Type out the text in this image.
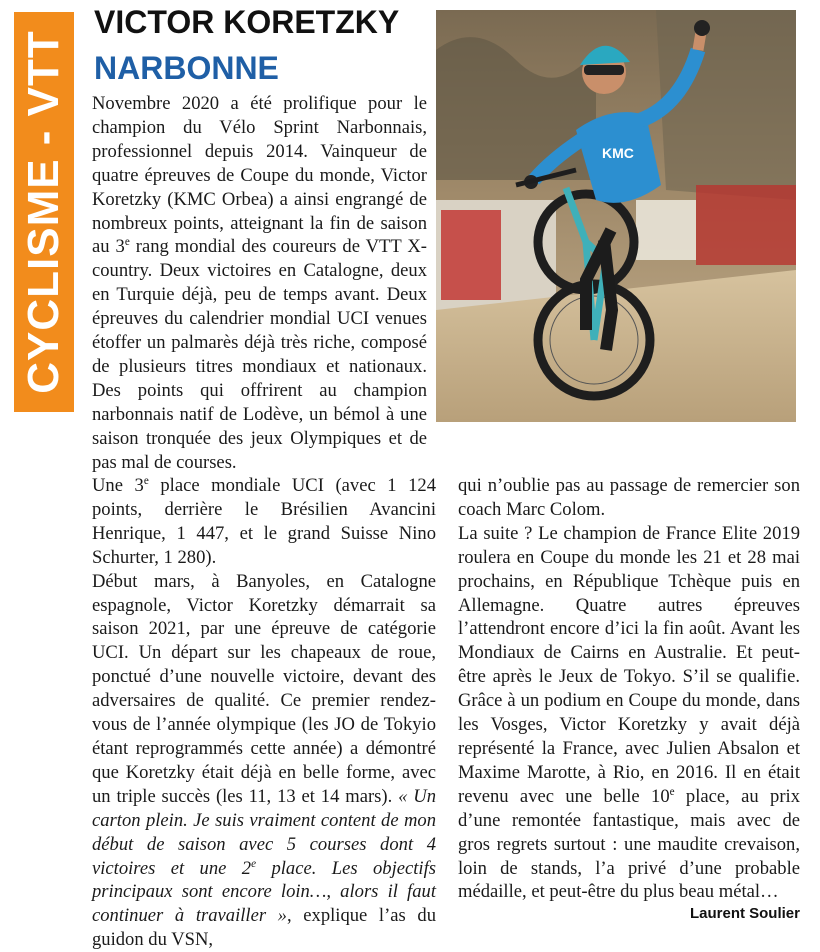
CYCLISME - VTT
VICTOR KORETZKY
NARBONNE
KMC

Novembre 2020 a été prolifique pour le champion du Vélo Sprint Narbonnais, professionnel depuis 2014. Vainqueur de quatre épreuves de Coupe du monde, Victor Koretzky (KMC Orbea) a ainsi engrangé de nombreux points, atteignant la fin de saison au 3e rang mondial des coureurs de VTT X-country. Deux victoires en Catalogne, deux en Turquie déjà, peu de temps avant. Deux épreuves du calendrier mondial UCI venues étoffer un palmarès déjà très riche, composé de plusieurs titres mondiaux et nationaux. Des points qui offrirent au champion narbonnais natif de Lodève, un bémol à une saison tronquée des jeux Olympiques et de pas mal de courses.

Une 3e place mondiale UCI (avec 1 124 points, derrière le Brésilien Avancini Henrique, 1 447, et le grand Suisse Nino Schurter, 1 280).

Début mars, à Banyoles, en Catalogne espagnole, Victor Koretzky démarrait sa saison 2021, par une épreuve de catégorie UCI. Un départ sur les chapeaux de roue, ponctué d’une nouvelle victoire, devant des adversaires de qualité. Ce premier rendez-vous de l’année olympique (les JO de Tokyio étant reprogrammés cette année) a démontré que Koretzky était déjà en belle forme, avec un triple succès (les 11, 13 et 14 mars). « Un carton plein. Je suis vraiment content de mon début de saison avec 5 courses dont 4 victoires et une 2e place. Les objectifs principaux sont encore loin…, alors il faut continuer à travailler », explique l’as du guidon du VSN,

qui n’oublie pas au passage de remercier son coach Marc Colom.

La suite ? Le champion de France Elite 2019 roulera en Coupe du monde les 21 et 28 mai prochains, en République Tchèque puis en Allemagne. Quatre autres épreuves l’attendront encore d’ici la fin août. Avant les Mondiaux de Cairns en Australie. Et peut-être après le Jeux de Tokyo. S’il se qualifie. Grâce à un podium en Coupe du monde, dans les Vosges, Victor Koretzky y avait déjà représenté la France, avec Julien Absalon et Maxime Marotte, à Rio, en 2016. Il en était revenu avec une belle 10e place, au prix d’une remontée fantastique, mais avec de gros regrets surtout : une maudite crevaison, loin de stands, l’a privé d’une probable médaille, et peut-être du plus beau métal…

Laurent Soulier
